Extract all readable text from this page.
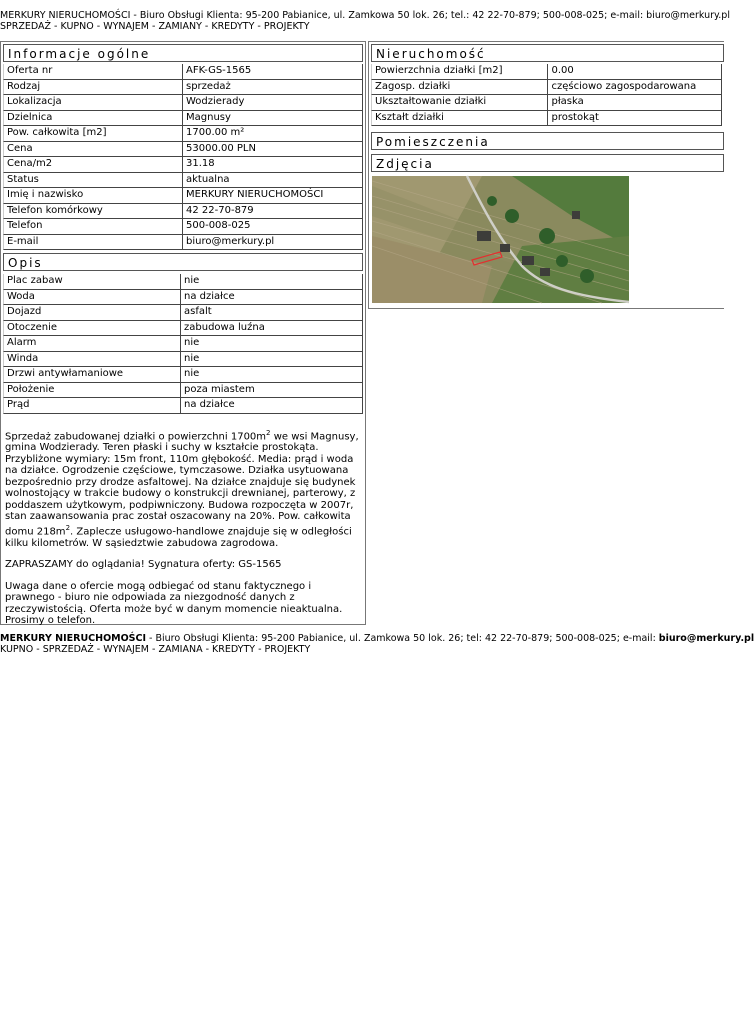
MERKURY NIERUCHOMOŚCI - Biuro Obsługi Klienta: 95-200 Pabianice, ul. Zamkowa 50 lok. 26; tel.: 42 22-70-879; 500-008-025; e-mail: biuro@merkury.pl
SPRZEDAŻ - KUPNO - WYNAJEM - ZAMIANY - KREDYTY - PROJEKTY
Informacje ogólne
Oferta nr	AFK-GS-1565
Rodzaj	sprzedaż
Lokalizacja	Wodzierady
Dzielnica	Magnusy
Pow. całkowita [m2]	1700.00 m²
Cena	53000.00 PLN
Cena/m2	31.18
Status	aktualna
Imię i nazwisko	MERKURY NIERUCHOMOŚCI
Telefon komórkowy	42 22-70-879
Telefon	500-008-025
E-mail	biuro@merkury.pl
Opis
Plac zabaw	nie
Woda	na działce
Dojazd	asfalt
Otoczenie	zabudowa luźna
Alarm	nie
Winda	nie
Drzwi antywłamaniowe	nie
Położenie	poza miastem
Prąd	na działce

Sprzedaż zabudowanej działki o powierzchni $1700m^2$ we wsi Magnusy, gmina Wodzierady. Teren płaski i suchy w kształcie prostokąta. Przybliżone wymiary: 15m front, 110m głębokość. Media: prąd i woda na działce. Ogrodzenie częściowe, tymczasowe. Działka usytuowana bezpośrednio przy drodze asfaltowej. Na działce znajduje się budynek wolnostojący w trakcie budowy o konstrukcji drewnianej, parterowy, z poddaszem użytkowym, podpiwniczony. Budowa rozpoczęta w 2007r, stan zaawansowania prac został oszacowany na 20%. Pow. całkowita domu $218m^2$. Zaplecze usługowo-handlowe znajduje się w odległości kilku kilometrów. W sąsiedztwie zabudowa zagrodowa.

ZAPRASZAMY do oglądania! Sygnatura oferty: GS-1565

Uwaga dane o ofercie mogą odbiegać od stanu faktycznego i prawnego - biuro nie odpowiada za niezgodność danych z rzeczywistością. Oferta może być w danym momencie nieaktualna. Prosimy o telefon.

Nieruchomość
Powierzchnia działki [m2]	0.00
Zagosp. działki	częściowo zagospodarowana
Ukształtowanie działki	płaska
Kształt działki	prostokąt
Pomieszczenia
Zdjęcia
MERKURY NIERUCHOMOŚCI - Biuro Obsługi Klienta: 95-200 Pabianice, ul. Zamkowa 50 lok. 26; tel: 42 22-70-879; 500-008-025; e-mail: biuro@merkury.pl
KUPNO - SPRZEDAŻ - WYNAJEM - ZAMIANA - KREDYTY - PROJEKTY
